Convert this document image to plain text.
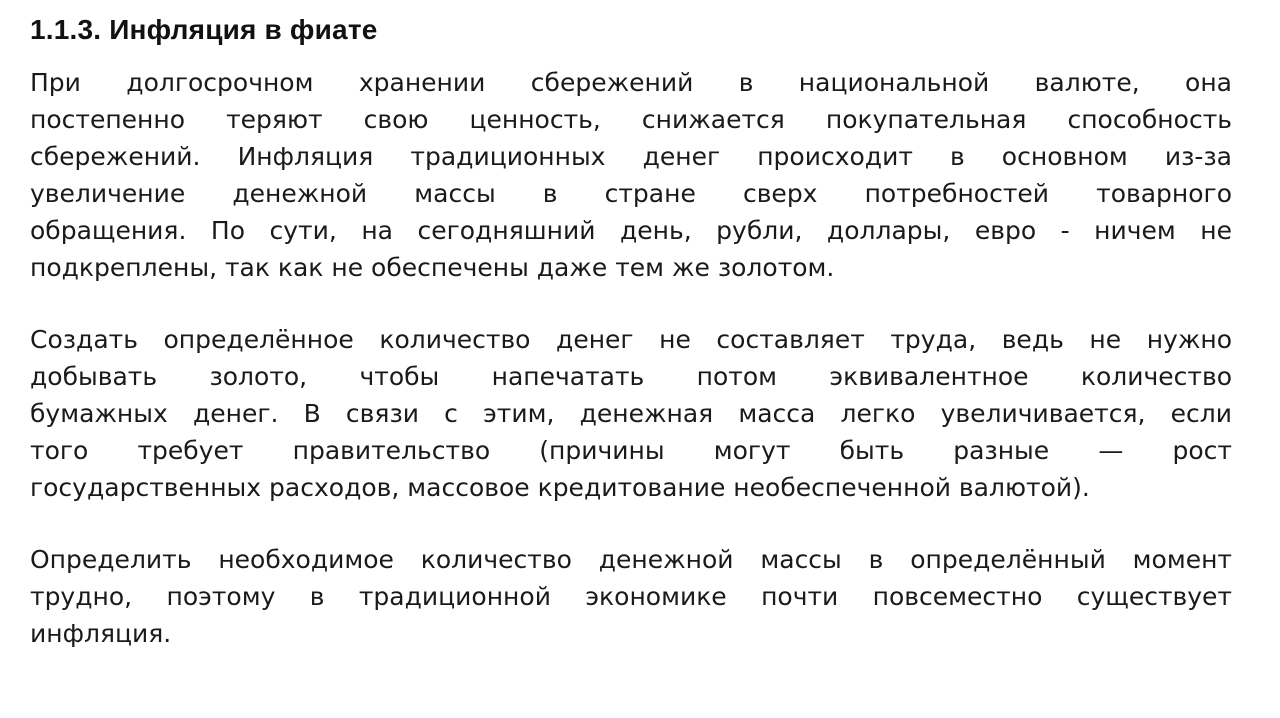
1.1.3. Инфляция в фиате
При долгосрочном хранении сбережений в национальной валюте, она
постепенно теряют свою ценность, снижается покупательная способность
сбережений. Инфляция традиционных денег происходит в основном из-за
увеличение денежной массы в стране сверх потребностей товарного
обращения. По сути, на сегодняшний день, рубли, доллары, евро - ничем не
подкреплены, так как не обеспечены даже тем же золотом.
Создать определённое количество денег не составляет труда, ведь не нужно
добывать золото, чтобы напечатать потом эквивалентное количество
бумажных денег. В связи с этим, денежная масса легко увеличивается, если
того требует правительство (причины могут быть разные — рост
государственных расходов, массовое кредитование необеспеченной валютой).
Определить необходимое количество денежной массы в определённый момент
трудно, поэтому в традиционной экономике почти повсеместно существует
инфляция.
